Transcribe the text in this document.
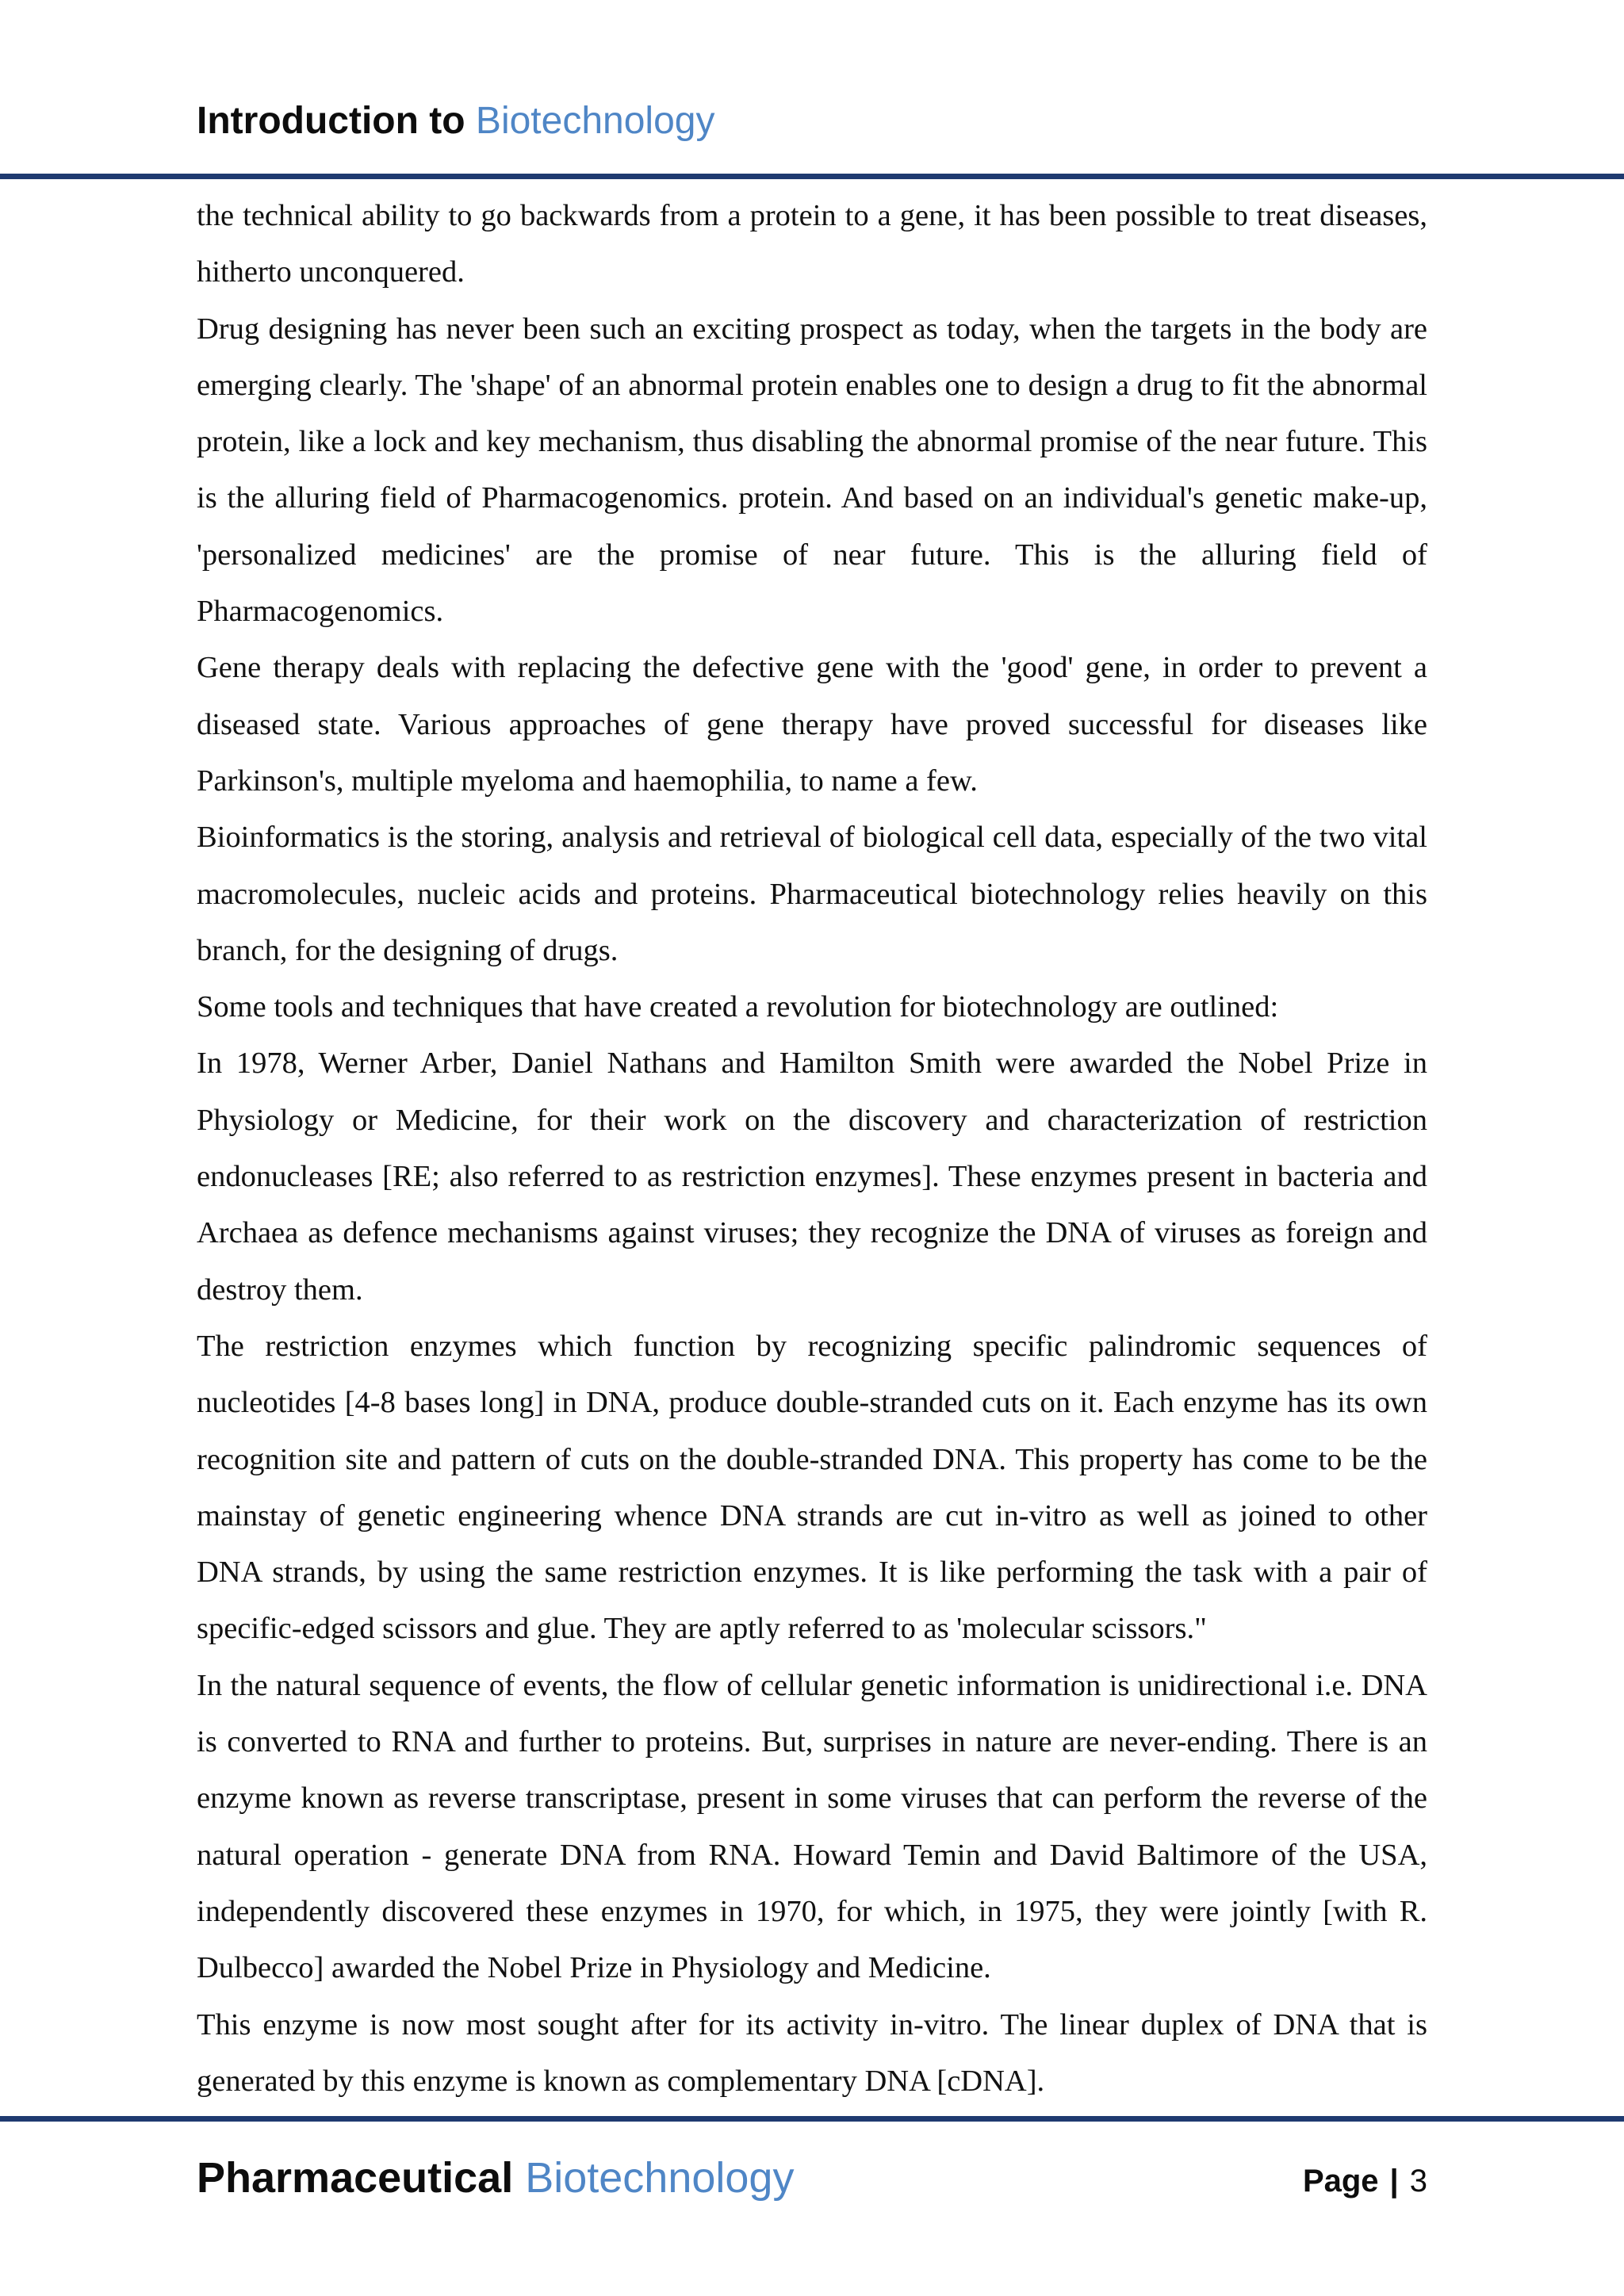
Introduction to Biotechnology

the technical ability to go backwards from a protein to a gene, it has been possible to treat diseases, hitherto unconquered.

Drug designing has never been such an exciting prospect as today, when the targets in the body are emerging clearly. The 'shape' of an abnormal protein enables one to design a drug to fit the abnormal protein, like a lock and key mechanism, thus disabling the abnormal promise of the near future. This is the alluring field of Pharmacogenomics. protein. And based on an individual's genetic make-up, 'personalized medicines' are the promise of near future. This is the alluring field of Pharmacogenomics.

Gene therapy deals with replacing the defective gene with the 'good' gene, in order to prevent a diseased state. Various approaches of gene therapy have proved successful for diseases like Parkinson's, multiple myeloma and haemophilia, to name a few.

Bioinformatics is the storing, analysis and retrieval of biological cell data, especially of the two vital macromolecules, nucleic acids and proteins. Pharmaceutical biotechnology relies heavily on this branch, for the designing of drugs.

Some tools and techniques that have created a revolution for biotechnology are outlined:

In 1978, Werner Arber, Daniel Nathans and Hamilton Smith were awarded the Nobel Prize in Physiology or Medicine, for their work on the discovery and characterization of restriction endonucleases [RE; also referred to as restriction enzymes]. These enzymes present in bacteria and Archaea as defence mechanisms against viruses; they recognize the DNA of viruses as foreign and destroy them.

The restriction enzymes which function by recognizing specific palindromic sequences of nucleotides [4-8 bases long] in DNA, produce double-stranded cuts on it. Each enzyme has its own recognition site and pattern of cuts on the double-stranded DNA. This property has come to be the mainstay of genetic engineering whence DNA strands are cut in-vitro as well as joined to other DNA strands, by using the same restriction enzymes. It is like performing the task with a pair of specific-edged scissors and glue. They are aptly referred to as 'molecular scissors."

In the natural sequence of events, the flow of cellular genetic information is unidirectional i.e. DNA is converted to RNA and further to proteins. But, surprises in nature are never-ending. There is an enzyme known as reverse transcriptase, present in some viruses that can perform the reverse of the natural operation - generate DNA from RNA. Howard Temin and David Baltimore of the USA, independently discovered these enzymes in 1970, for which, in 1975, they were jointly [with R. Dulbecco] awarded the Nobel Prize in Physiology and Medicine.

This enzyme is now most sought after for its activity in-vitro. The linear duplex of DNA that is generated by this enzyme is known as complementary DNA [cDNA].

Pharmaceutical Biotechnology	Page | 3
